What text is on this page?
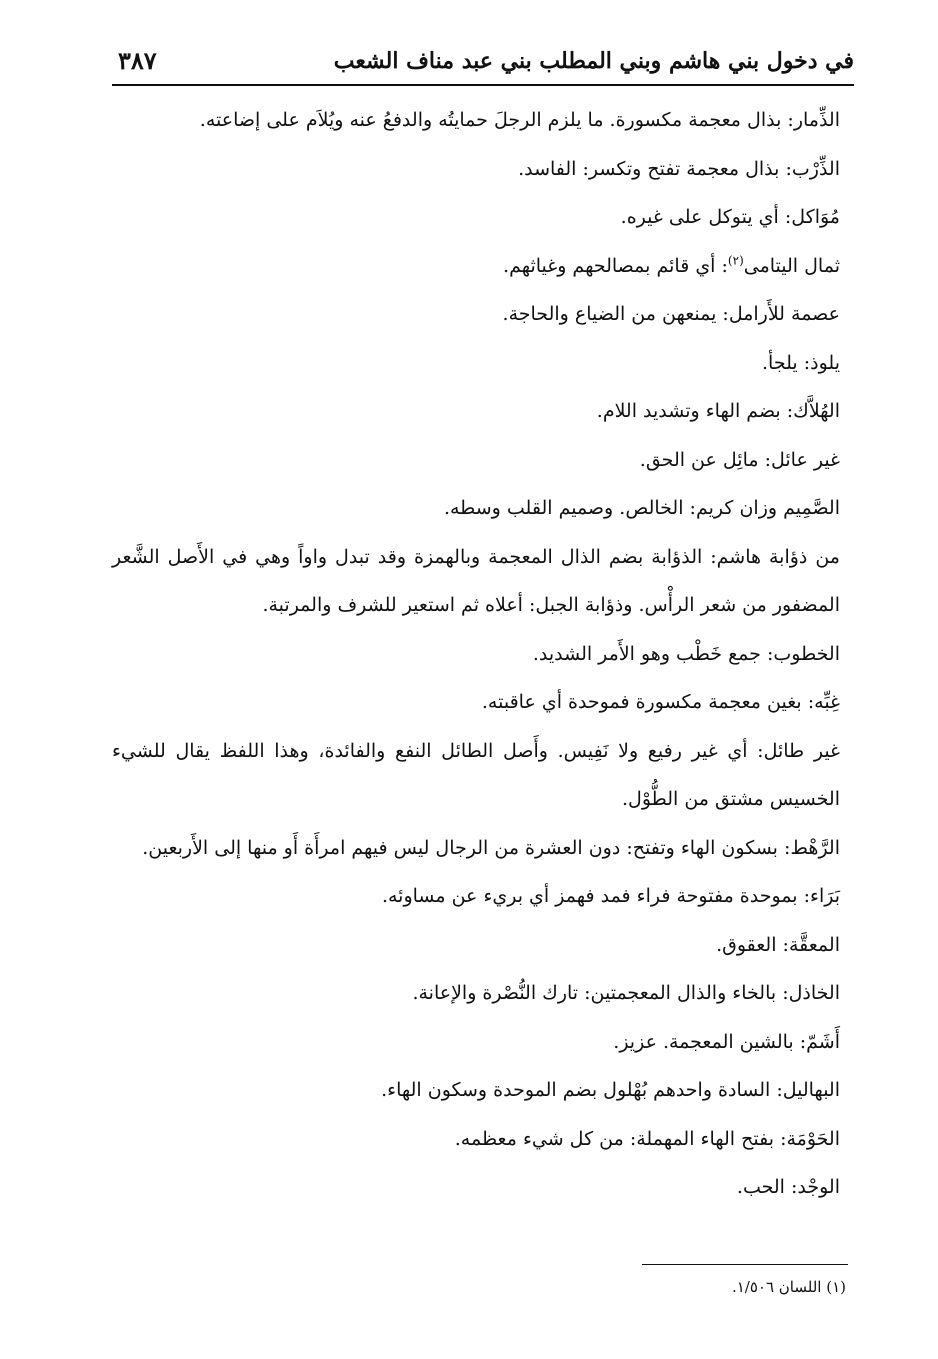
في دخول بني هاشم وبني المطلب بني عبد مناف الشعب
٣٨٧

الذِّمار: بذال معجمة مكسورة. ما يلزم الرجلَ حمايتُه والدفعُ عنه ويُلاَم على إضاعته.

الذِّرْب: بذال معجمة تفتح وتكسر: الفاسد.

مُوَاكل: أي يتوكل على غيره.

ثمال اليتامى$^{(٢)}$: أي قائم بمصالحهم وغياثهم.

عصمة للأَرامل: يمنعهن من الضياع والحاجة.

يلوذ: يلجأ.

الهُلاَّك: بضم الهاء وتشديد اللام.

غير عائل: مائِل عن الحق.

الصَّمِيم وزان كريم: الخالص. وصميم القلب وسطه.

من ذؤابة هاشم: الذؤابة بضم الذال المعجمة وبالهمزة وقد تبدل واواً وهي في الأَصل الشَّعر المضفور من شعر الرأْس. وذؤابة الجبل: أعلاه ثم استعير للشرف والمرتبة.

الخطوب: جمع خَطْب وهو الأَمر الشديد.

غِبِّه: بغين معجمة مكسورة فموحدة أي عاقبته.

غير طائل: أي غير رفيع ولا نَفِيس. وأَصل الطائل النفع والفائدة، وهذا اللفظ يقال للشيء الخسيس مشتق من الطُّوْل.

الرَّهْط: بسكون الهاء وتفتح: دون العشرة من الرجال ليس فيهم امرأَة أَو منها إلى الأَربعين.

بَرَاء: بموحدة مفتوحة فراء فمد فهمز أي بريء عن مساوئه.

المعقَّة: العقوق.

الخاذل: بالخاء والذال المعجمتين: تارك النُّصْرة والإعانة.

أَشَمّ: بالشين المعجمة. عزيز.

البهاليل: السادة واحدهم بُهْلول بضم الموحدة وسكون الهاء.

الحَوْمَة: بفتح الهاء المهملة: من كل شيء معظمه.

الوجْد: الحب.

(١) اللسان ١/٥٠٦.
